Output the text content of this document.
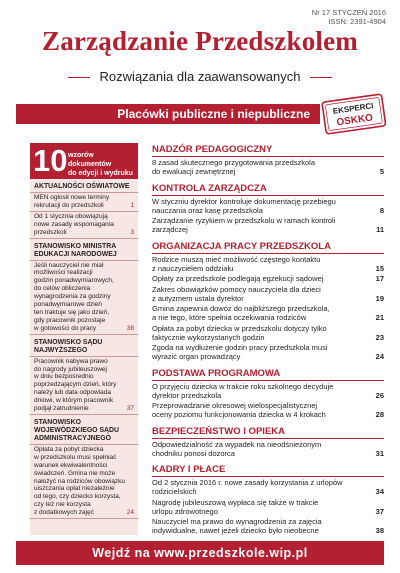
Nr 17 STYCZEŃ 2016
ISSN: 2391-4904
Zarządzanie Przedszkolem
Rozwiązania dla zaawansowanych
Placówki publiczne i niepubliczne	EKSPERCI
OSKKO
10 wzorów dokumentów
do edycji i wydruku
AKTUALNOŚCI OŚWIATOWE
MEN ogłosił nowe terminy
rekrutacji do przedszkoli	1
Od 1 stycznia obowiązują
nowe zasady wspomagania
przedszkoli	3
STANOWISKO MINISTRA
EDUKACJI NARODOWEJ
Jeśli nauczyciel nie miał
możliwości realizacji
godzin ponadwymiarowych,
do celów obliczenia
wynagrodzenia za godziny
ponadwymiarowe dzień
ten traktuje się jako dzień,
gdy pracownik pozostaje
w gotowości do pracy	38
STANOWISKO SĄDU
NAJWYŻSZEGO
Pracownik nabywa prawo
do nagrody jubileuszowej
w dniu bezpośrednio
poprzedzającym dzień, który
należy lub data odpowiada
dniowi, w którym pracownik
podjął zatrudnienie	37
STANOWISKO
WOJEWÓDZKIEGO SĄDU
ADMINISTRACYJNEGO
Opłata za pobyt dziecka
w przedszkolu musi spełniać
warunek ekwiwalentności
świadczeń. Gmina nie może
nałożyć na rodziców obowiązku
uiszczania opłat niezależnie
od tego, czy dziecko korzysta,
czy też nie korzysta
z dodatkowych zajęć	24
NADZÓR PEDAGOGICZNY
8 zasad skutecznego przygotowania przedszkola
do ewaluacji zewnętrznej	5
KONTROLA ZARZĄDCZA
W styczniu dyrektor kontroluje dokumentację przebiegu
nauczania oraz kasę przedszkola	8
Zarządzanie ryzykiem w przedszkolu w ramach kontroli
zarządczej	11
ORGANIZACJA PRACY PRZEDSZKOLA
Rodzice muszą mieć możliwość częstego kontaktu
z nauczycielem oddziału	15
Opłaty za przedszkole podlegają egzekucji sądowej	17
Zakres obowiązków pomocy nauczyciela dla dzieci
z autyzmem ustala dyrektor	19
Gmina zapewnia dowóz do najbliższego przedszkola,
a nie tego, które spełnia oczekiwania rodziców	21
Opłata za pobyt dziecka w przedszkolu dotyczy tylko
faktycznie wykorzystanych godzin	23
Zgoda na wydłużenie godzin pracy przedszkola musi
wyrazić organ prowadzący	24
PODSTAWA PROGRAMOWA
O przyjęciu dziecka w trakcie roku szkolnego decyduje
dyrektor przedszkola	26
Przeprowadzanie okresowej wielospecjalistycznej
oceny poziomu funkcjonowania dziecka w 4 krokach	28
BEZPIECZEŃSTWO I OPIEKA
Odpowiedzialność za wypadek na nieodśnieżonym
chodniku ponosi dozorca	31
KADRY I PŁACE
Od 2 stycznia 2016 r. nowe zasady korzystania z urlopów
rodzicielskich	34
Nagrodę jubileuszową wypłaca się także w trakcie
urlopu zdrowotnego	37
Nauczyciel ma prawo do wynagrodzenia za zajęcia
indywidualne, nawet jeżeli dziecko było nieobecne	38
Wejdź na www.przedszkole.wip.pl
